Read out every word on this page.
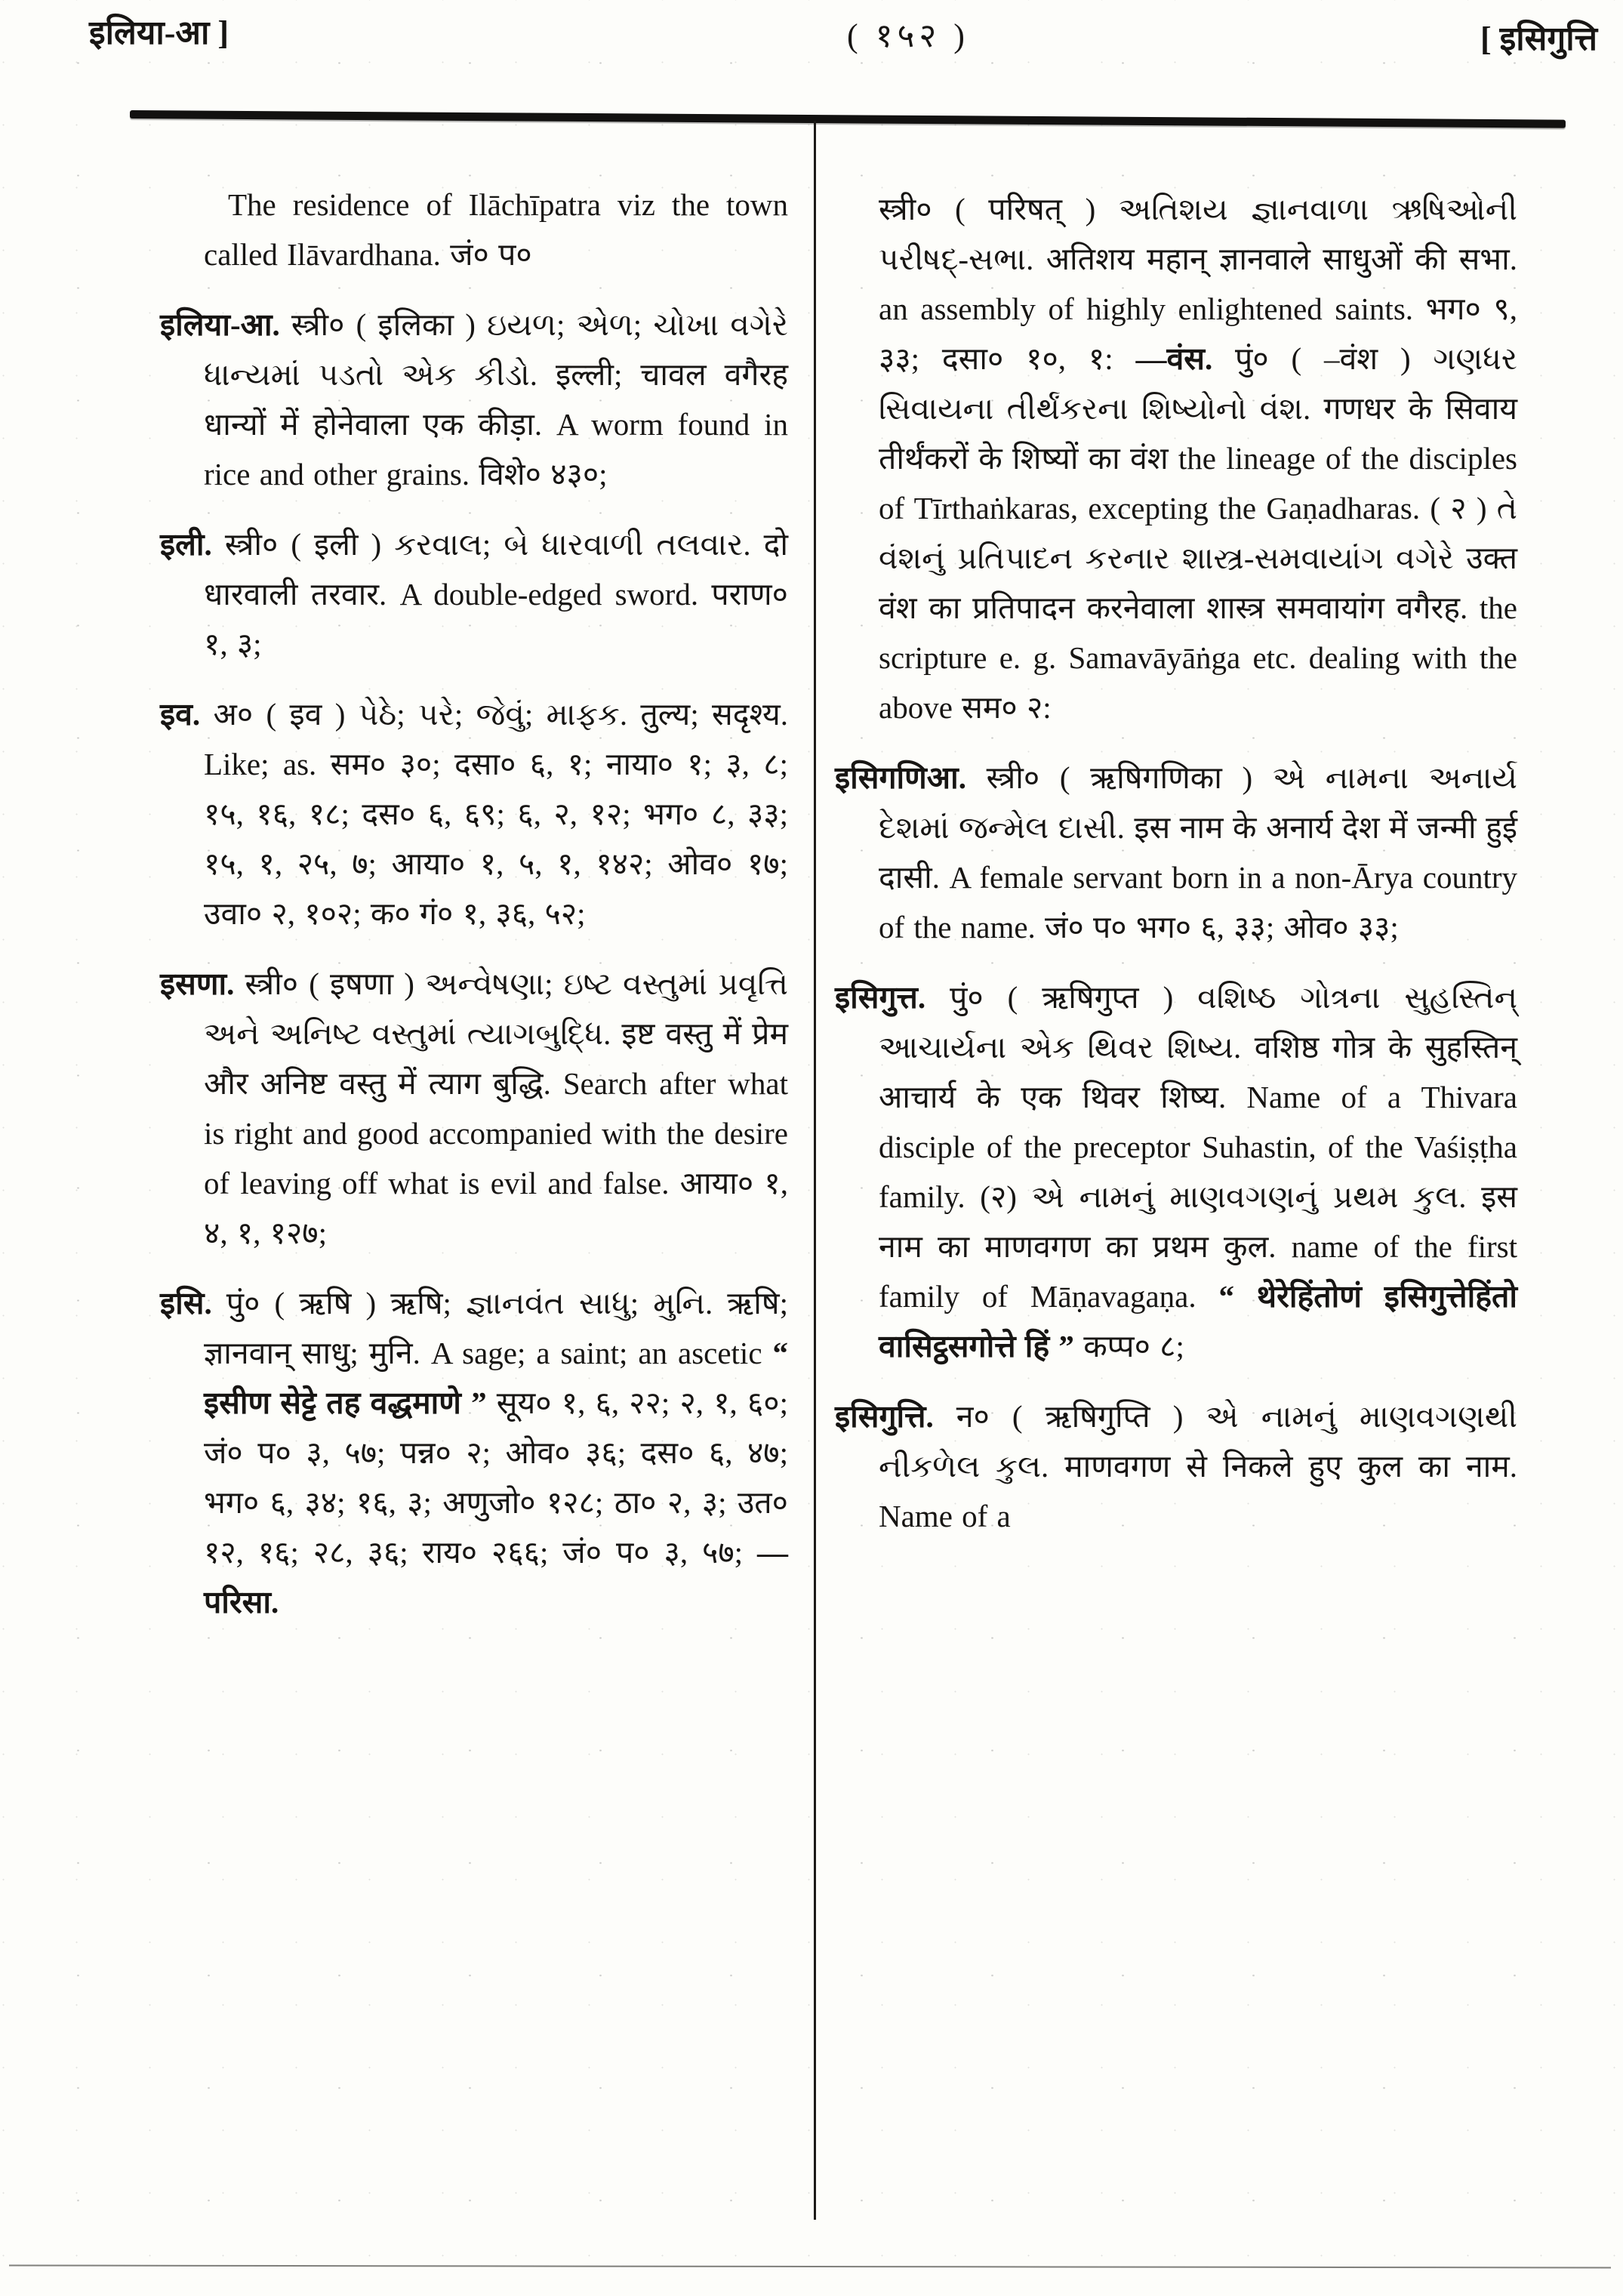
इलिया-आ ]	( १५२ )	[ इसिगुत्ति

The residence of Ilāchīpatra viz the town called Ilāvardhana. जं० प०

इलिया-आ. स्त्री० ( इलिका ) ઇયળ; એળ; ચોખા વગેરે ધાન્યમાં પડતો એક કીડો. इल्ली; चावल वगैरह धान्यों में होनेवाला एक कीड़ा. A worm found in rice and other grains. विशे० ४३०;

इली. स्त्री० ( इली ) કરવાલ; બે ધારવાળી તલવાર. दो धारवाली तरवार. A double-edged sword. पराण० १, ३;

इव. अ० ( इव ) પેઠે; પરે; જેવું; માફક. तुल्य; सदृश्य. Like; as. सम० ३०; दसा० ६, १; नाया० १; ३, ८; १५, १६, १८; दस० ६, ६९; ६, २, १२; भग० ८, ३३; १५, १, २५, ७; आया० १, ५, १, १४२; ओव० १७; उवा० २, १०२; क० गं० १, ३६, ५२;

इसणा. स्त्री० ( इषणा ) અન્વેષણા; ઇષ્ટ વસ્તુમાં પ્રવૃત્તિ અને અનિષ્ટ વસ્તુમાં ત્યાગબુદ્ધિ. इष्ट वस्तु में प्रेम और अनिष्ट वस्तु में त्याग बुद्धि. Search after what is right and good accompanied with the desire of leaving off what is evil and false. आया० १, ४, १, १२७;

इसि. पुं० ( ऋषि ) ऋषि; જ્ઞાનવંત સાધુ; મુનિ. ऋषि; ज्ञानवान् साधु; मुनि. A sage; a saint; an ascetic “ इसीण सेट्टे तह वद्धमाणे ” सूय० १, ६, २२; २, १, ६०; जं० प० ३, ५७; पन्न० २; ओव० ३६; दस० ६, ४७; भग० ६, ३४; १६, ३; अणुजो० १२८; ठा० २, ३; उत० १२, १६; २८, ३६; राय० २६६; जं० प० ३, ५७; —परिसा.

स्त्री० ( परिषत् ) અતિશય જ્ઞાનવાળા ઋષિઓની પરીષદ્-સભા. अतिशय महान् ज्ञानवाले साधुओं की सभा. an assembly of highly enlightened saints. भग० ९, ३३; दसा० १०, १: —वंस. पुं० ( –वंश ) ગણધર સિવાયના તીર્થંકરના શિષ્યોનો વંશ. गणधर के सिवाय तीर्थंकरों के शिष्यों का वंश the lineage of the disciples of Tīrthaṅkaras, excepting the Gaṇadharas. ( २ ) તે વંશનું પ્રતિપાદન કરનાર શાસ્ત્ર-સમવાયાંગ વગેરે उक्त वंश का प्रतिपादन करनेवाला शास्त्र समवायांग वगैरह. the scripture e. g. Samavāyāṅga etc. dealing with the above सम० २:

इसिगणिआ. स्त्री० ( ऋषिगणिका ) એ નામના અનાર્ય દેશમાં જન્મેલ દાસી. इस नाम के अनार्य देश में जन्मी हुई दासी. A female servant born in a non-Ārya country of the name. जं० प० भग० ६, ३३; ओव० ३३;

इसिगुत्त. पुं० ( ऋषिगुप्त ) વશિષ્ઠ ગોત્રના સુહસ્તિન્ આચાર્યના એક થિવર શિષ્ય. वशिष्ठ गोत्र के सुहस्तिन् आचार्य के एक थिवर शिष्य. Name of a Thivara disciple of the preceptor Suhastin, of the Vaśiṣṭha family. (२) એ નામનું માણવગણનું પ્રથમ કુલ. इस नाम का माणवगण का प्रथम कुल. name of the first family of Māṇavagaṇa. “ थेरेहिंतोणं इसिगुत्तेहिंतो वासिट्ठसगोत्ते हिं ” कप्प० ८;

इसिगुत्ति. न० ( ऋषिगुप्ति ) એ નામનું માણવગણથી નીકળેલ કુલ. माणवगण से निकले हुए कुल का नाम. Name of a
